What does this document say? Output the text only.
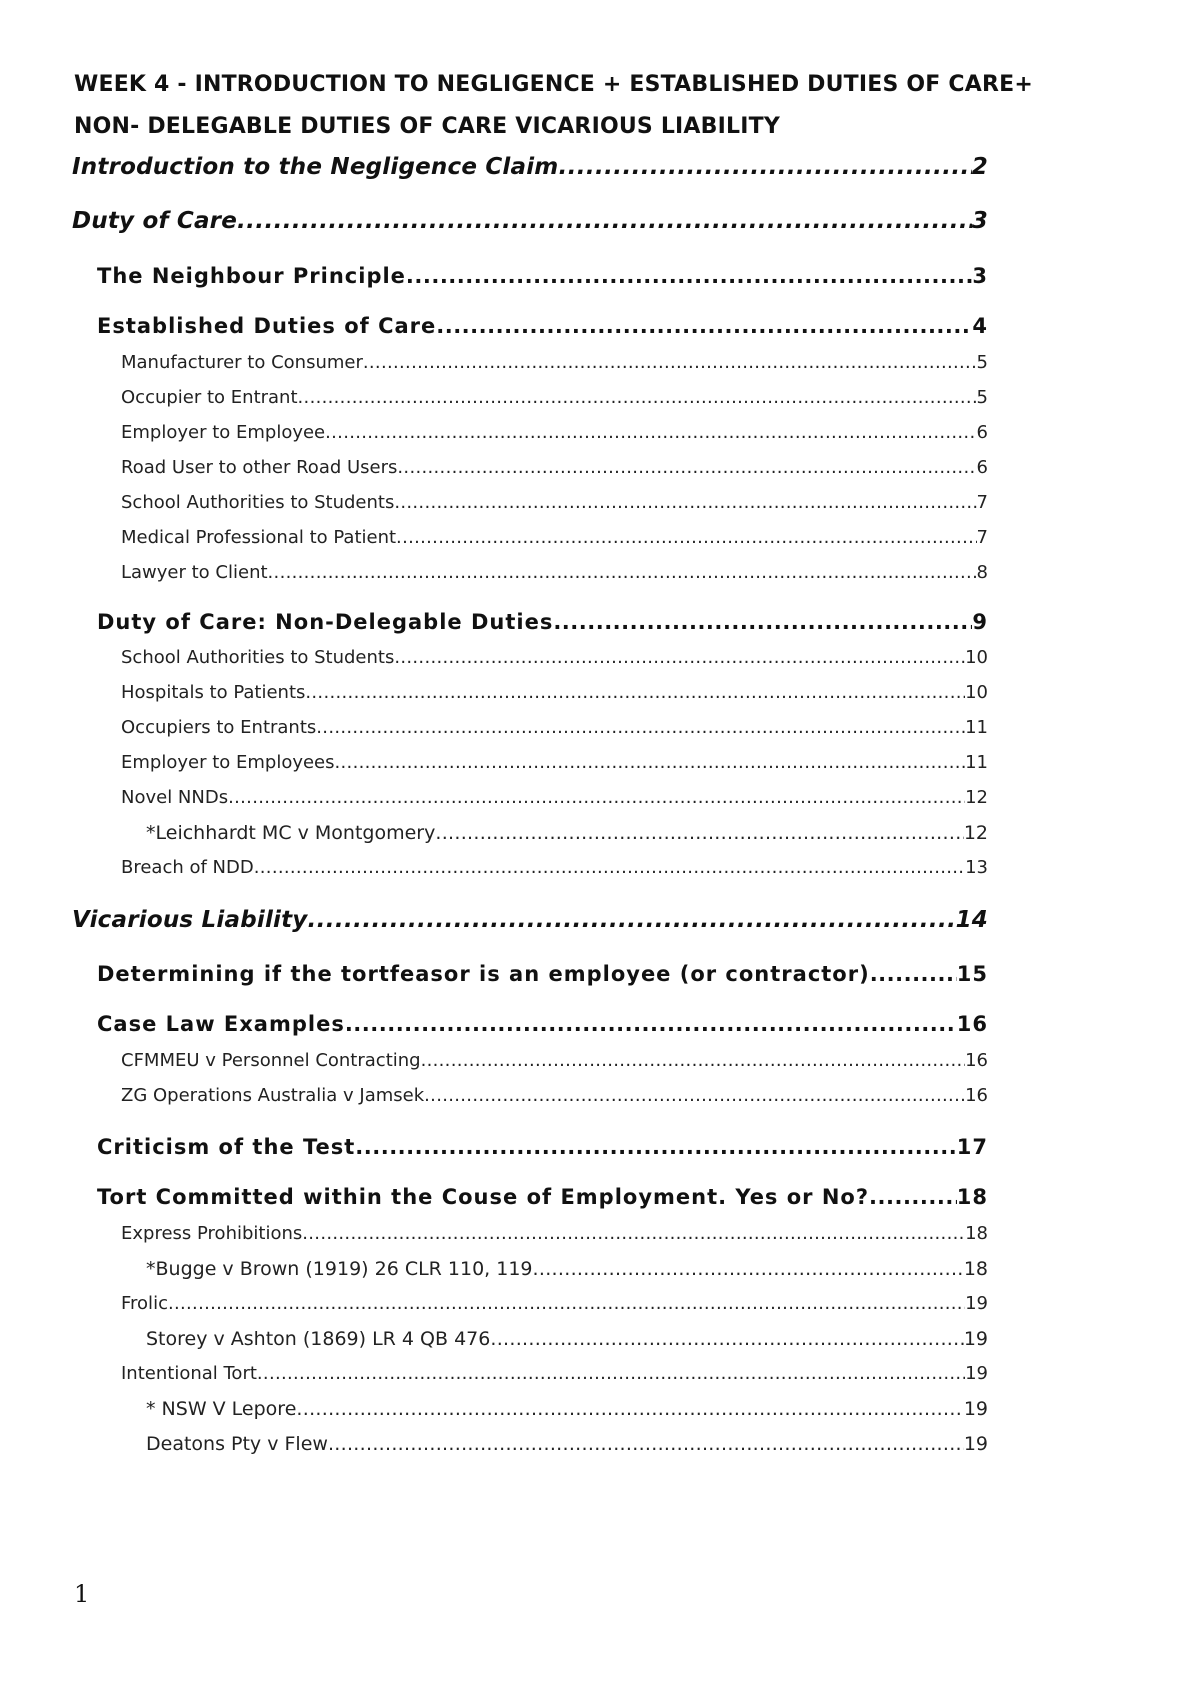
WEEK 4 - INTRODUCTION TO NEGLIGENCE + ESTABLISHED DUTIES OF CARE+
NON- DELEGABLE DUTIES OF CARE VICARIOUS LIABILITY
Introduction to the Negligence Claim .....	2
Duty of Care .....	3
The Neighbour Principle .....	3
Established Duties of Care .....	4
Manufacturer to Consumer .....	5
Occupier to Entrant .....	5
Employer to Employee .....	6
Road User to other Road Users .....	6
School Authorities to Students .....	7
Medical Professional to Patient .....	7
Lawyer to Client .....	8
Duty of Care: Non-Delegable Duties .....	9
School Authorities to Students .....	10
Hospitals to Patients .....	10
Occupiers to Entrants .....	11
Employer to Employees .....	11
Novel NNDs .....	12
*Leichhardt MC v Montgomery .....	12
Breach of NDD .....	13
Vicarious Liability .....	14
Determining if the tortfeasor is an employee (or contractor) .....	15
Case Law Examples .....	16
CFMMEU v Personnel Contracting .....	16
ZG Operations Australia v Jamsek .....	16
Criticism of the Test .....	17
Tort Committed within the Couse of Employment. Yes or No? .....	18
Express Prohibitions .....	18
*Bugge v Brown (1919) 26 CLR 110, 119 .....	18
Frolic .....	19
Storey v Ashton (1869) LR 4 QB 476 .....	19
Intentional Tort .....	19
* NSW V Lepore .....	19
Deatons Pty v Flew .....	19
1
